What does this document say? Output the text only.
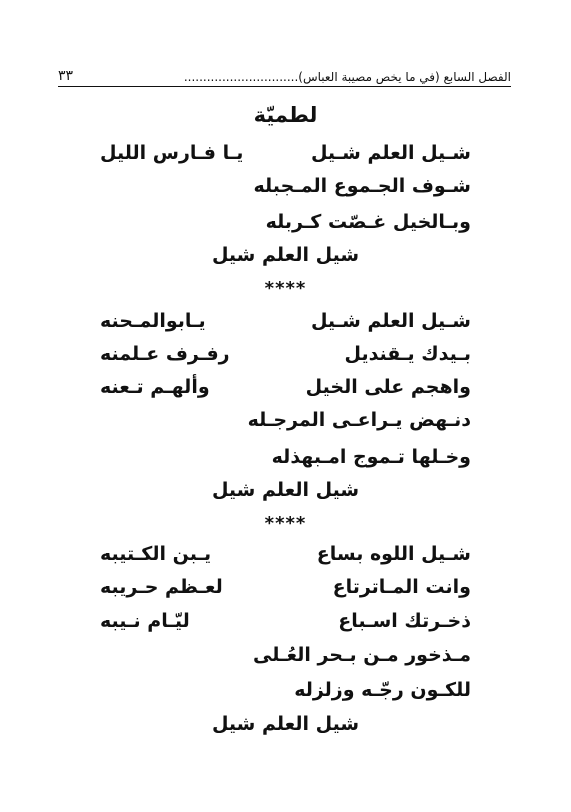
الفصل السابع (في ما يخص مصيبة العباس)..............................
٣٣
لطميّة
شـيل العلم شـيل
يـا فـارس الليل
شـوف الجـموع المـجبله
وبـالخيل غـصّت كـربله
شيل العلم شيل
****
شـيل العلم شـيل
يـابوالمـحنه
بـيدك يـقنديل
رفـرف عـلمنه
واهجم على الخيل
وألهـم تـعنه
دنـهض يـراعـى المرجـله
وخـلها تـموج امـبهذله
شيل العلم شيل
****
شـيل اللوه بساع
يـبن الكـتيبه
وانت المـاترتاع
لعـظم حـريبه
ذخـرتك اسـباع
ليّـام نـيبه
مـذخور مـن بـحر العُـلى
للكـون رجّـه وزلزله
شيل العلم شيل
